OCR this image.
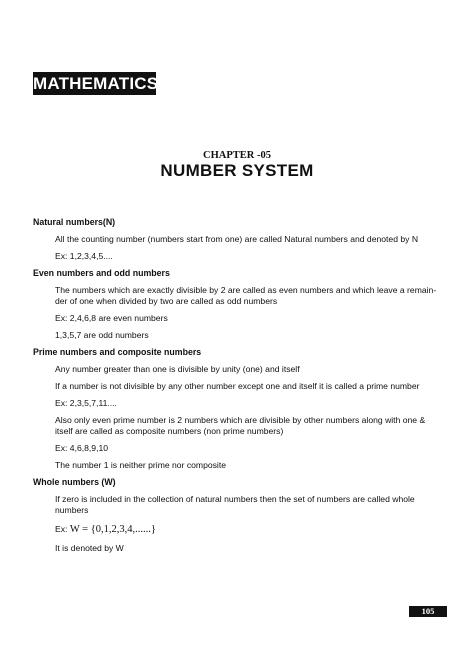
MATHEMATICS
CHAPTER -05
NUMBER SYSTEM
Natural numbers(N)

All the counting number (numbers start from one) are called Natural numbers and denoted by N

Ex: 1,2,3,4,5....

Even numbers and odd numbers

The numbers which are exactly divisible by 2 are called as even numbers and which leave a remain-der of one when divided by two are called as odd numbers

Ex: 2,4,6,8 are even numbers

1,3,5,7 are odd numbers

Prime numbers and composite numbers

Any number greater than one is divisible by unity (one) and itself

If a number is not divisible by any other number except one and itself it is called a prime number

Ex: 2,3,5,7,11....

Also only even prime number is 2 numbers which are divisible by other numbers along with one & itself are called as composite numbers (non prime numbers)

Ex: 4,6,8,9,10

The number 1 is neither prime nor composite

Whole numbers (W)

If zero is included in the collection of natural numbers then the set of numbers are called whole numbers

Ex: W = {0,1,2,3,4,......}

It is denoted by W

105
